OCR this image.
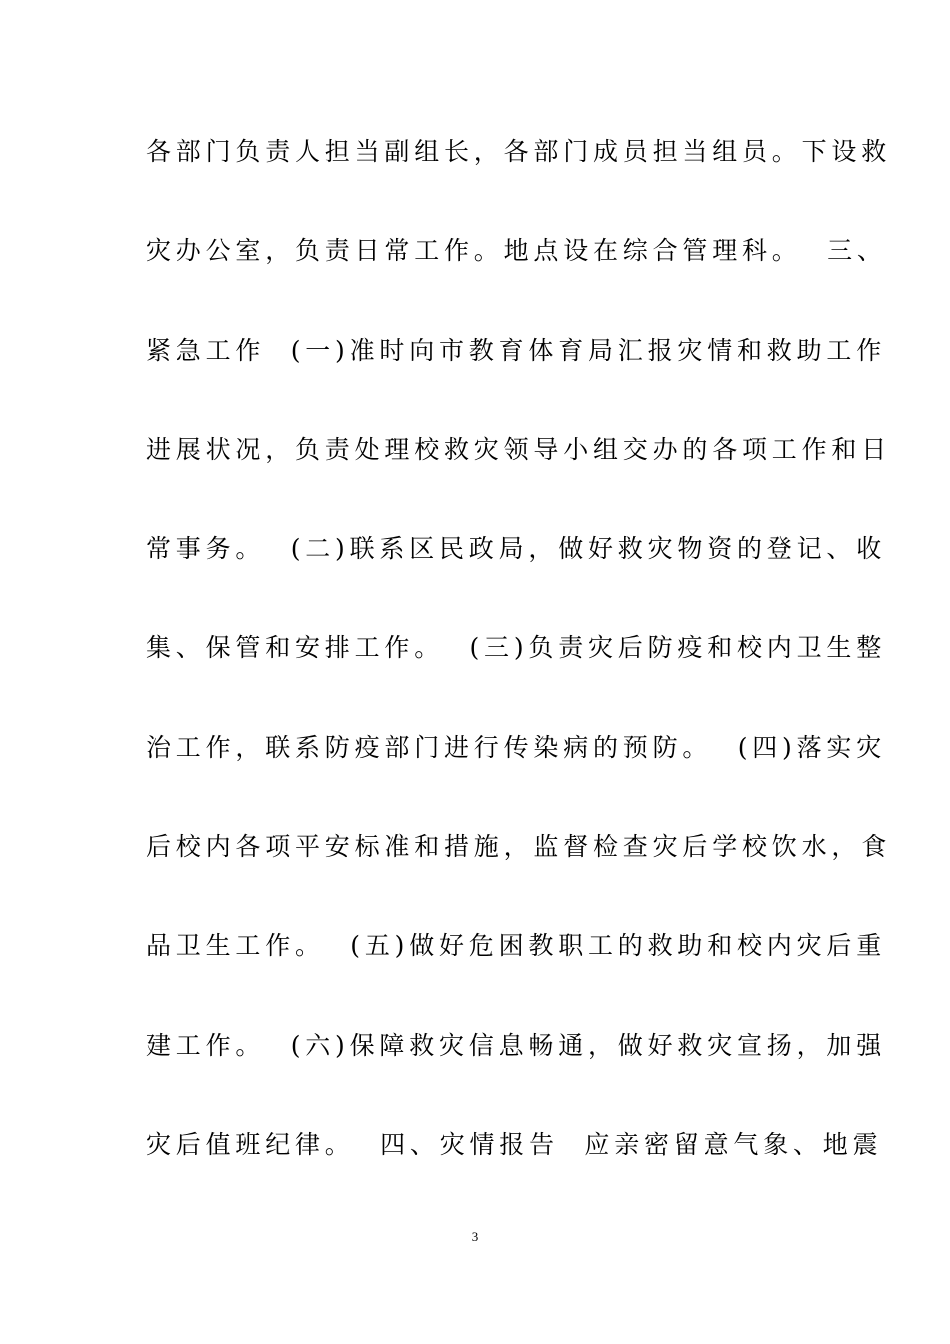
各部门负责人担当副组长，各部门成员担当组员。下设救
灾办公室，负责日常工作。地点设在综合管理科。  三、
紧急工作  (一)准时向市教育体育局汇报灾情和救助工作
进展状况，负责处理校救灾领导小组交办的各项工作和日
常事务。  (二)联系区民政局，做好救灾物资的登记、收
集、保管和安排工作。  (三)负责灾后防疫和校内卫生整
治工作，联系防疫部门进行传染病的预防。  (四)落实灾
后校内各项平安标准和措施，监督检查灾后学校饮水，食
品卫生工作。  (五)做好危困教职工的救助和校内灾后重
建工作。  (六)保障救灾信息畅通，做好救灾宣扬，加强
灾后值班纪律。  四、灾情报告  应亲密留意气象、地震
3
